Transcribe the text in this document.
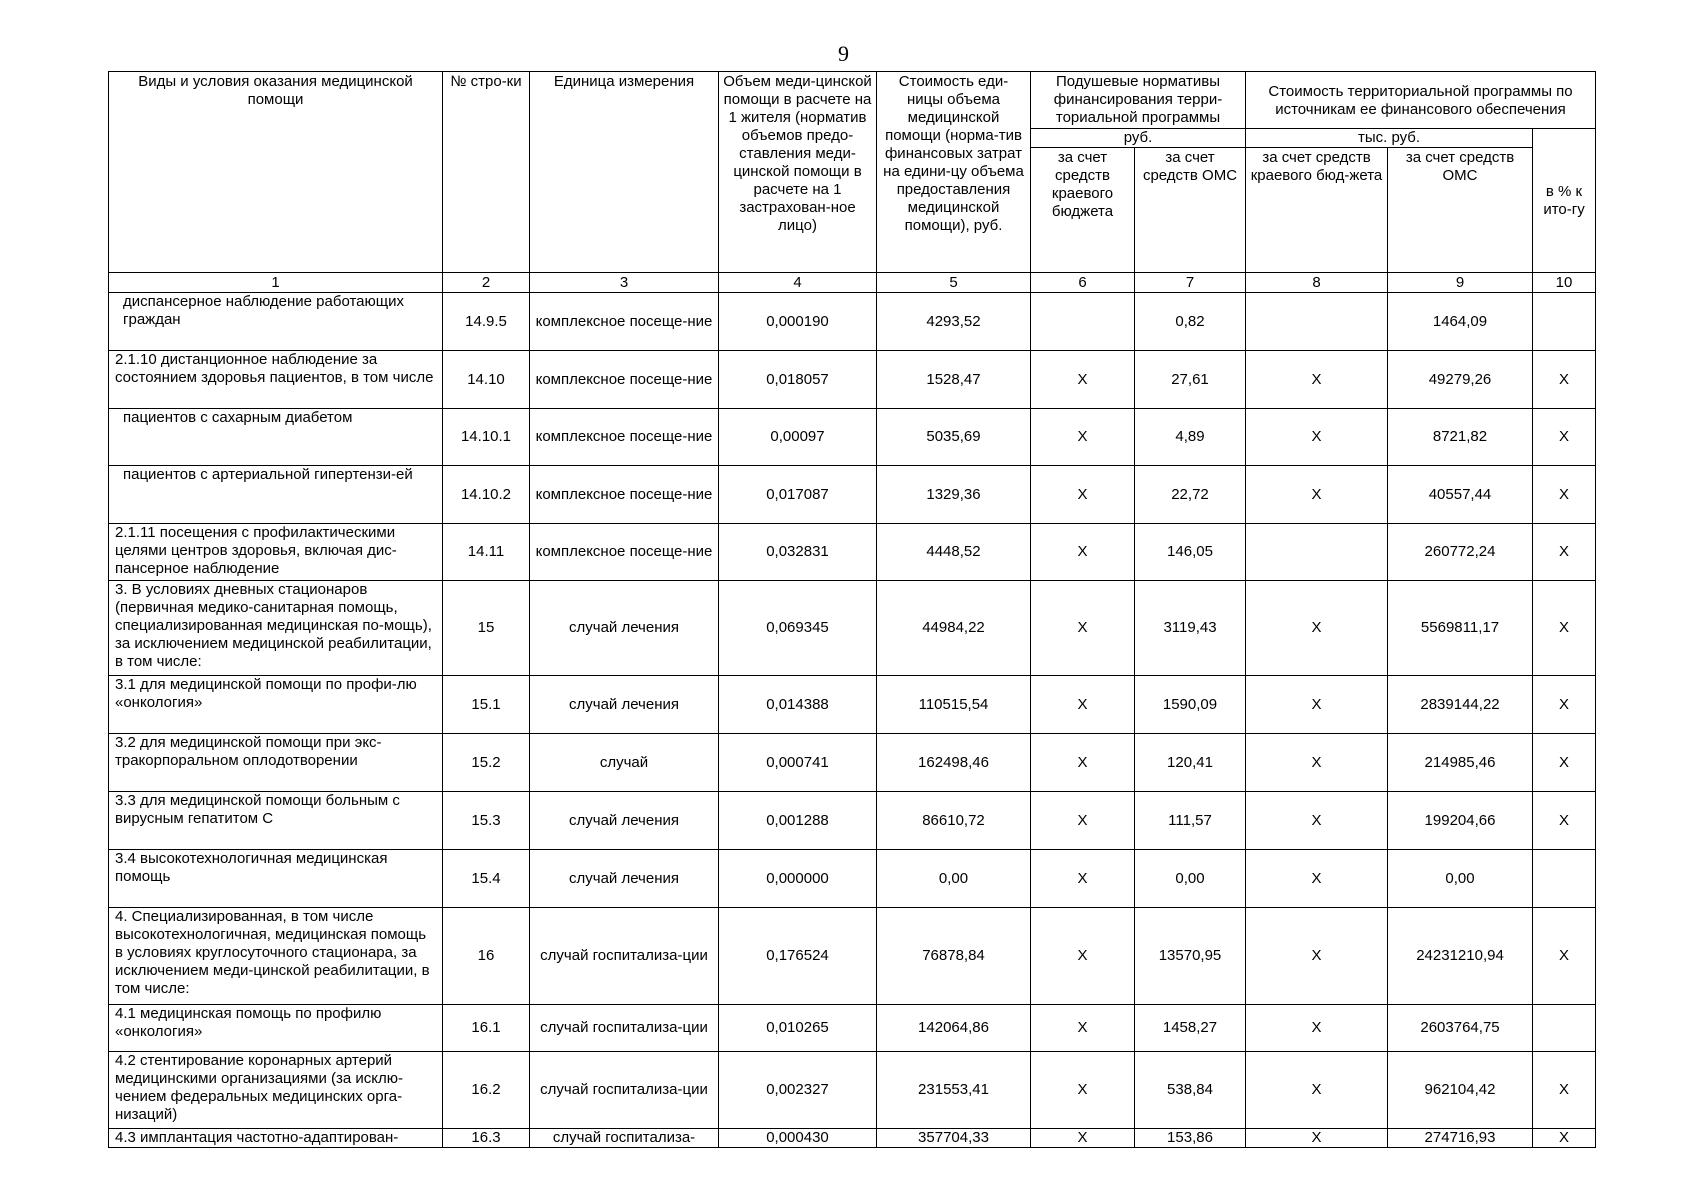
9
Виды и условия оказания медицинской помощи	№ стро-ки	Единица измерения	Объем меди-цинской помощи в расчете на 1 жителя (норматив объемов предо-ставления меди-цинской помощи в расчете на 1 застрахован-ное лицо)	Стоимость еди-ницы объема медицинской помощи (норма-тив финансовых затрат на едини-цу объема предоставления медицинской помощи), руб.	Подушевые нормативы финансирования терри-ториальной программы		Стоимость территориальной программы по источникам ее финансового обеспечения		
					руб.		тыс. руб.		в % к ито-гу
					за счет средств краевого бюджета	за счет средств ОМС	за счет средств краевого бюд-жета	за счет средств ОМС	
1	2	3	4	5	6	7	8	9	10
диспансерное наблюдение работающих граждан	14.9.5	комплексное посеще-ние	0,000190	4293,52		0,82		1464,09	
2.1.10 дистанционное наблюдение за состоянием здоровья пациентов, в том числе	14.10	комплексное посеще-ние	0,018057	1528,47	X	27,61	X	49279,26	X
пациентов с сахарным диабетом	14.10.1	комплексное посеще-ние	0,00097	5035,69	X	4,89	X	8721,82	X
пациентов с артериальной гипертензи-ей	14.10.2	комплексное посеще-ние	0,017087	1329,36	X	22,72	X	40557,44	X
2.1.11 посещения с профилактическими целями центров здоровья, включая дис-пансерное наблюдение	14.11	комплексное посеще-ние	0,032831	4448,52	X	146,05		260772,24	X
3. В условиях дневных стационаров (первичная медико-санитарная помощь, специализированная медицинская по-мощь), за исключением медицинской реабилитации, в том числе:	15	случай лечения	0,069345	44984,22	X	3119,43	X	5569811,17	X
3.1 для медицинской помощи по профи-лю «онкология»	15.1	случай лечения	0,014388	110515,54	X	1590,09	X	2839144,22	X
3.2 для медицинской помощи при экс-тракорпоральном оплодотворении	15.2	случай	0,000741	162498,46	X	120,41	X	214985,46	X
3.3 для медицинской помощи больным с вирусным гепатитом С	15.3	случай лечения	0,001288	86610,72	X	111,57	X	199204,66	X
3.4 высокотехнологичная медицинская помощь	15.4	случай лечения	0,000000	0,00	X	0,00	X	0,00	
4. Специализированная, в том числе высокотехнологичная, медицинская помощь в условиях круглосуточного стационара, за исключением меди-цинской реабилитации, в том числе:	16	случай госпитализа-ции	0,176524	76878,84	X	13570,95	X	24231210,94	X
4.1 медицинская помощь по профилю «онкология»	16.1	случай госпитализа-ции	0,010265	142064,86	X	1458,27	X	2603764,75	
4.2 стентирование коронарных артерий медицинскими организациями (за исклю-чением федеральных медицинских орга-низаций)	16.2	случай госпитализа-ции	0,002327	231553,41	X	538,84	X	962104,42	X
4.3 имплантация частотно-адаптирован-	16.3	случай госпитализа-	0,000430	357704,33	X	153,86	X	274716,93	X
